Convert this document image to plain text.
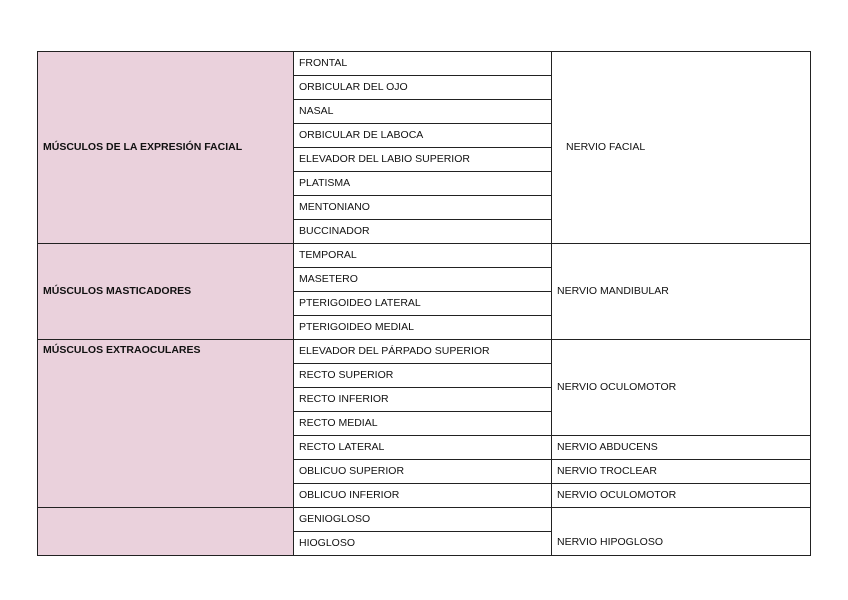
MÚSCULOS DE LA EXPRESIÓN FACIAL	FRONTAL	NERVIO FACIAL
	ORBICULAR DEL OJO	
	NASAL	
	ORBICULAR DE LABOCA	
	ELEVADOR DEL LABIO SUPERIOR	
	PLATISMA	
	MENTONIANO	
	BUCCINADOR	
MÚSCULOS MASTICADORES	TEMPORAL	NERVIO MANDIBULAR
	MASETERO	
	PTERIGOIDEO LATERAL	
	PTERIGOIDEO MEDIAL	
MÚSCULOS EXTRAOCULARES	ELEVADOR DEL PÁRPADO SUPERIOR	NERVIO OCULOMOTOR
	RECTO SUPERIOR	
	RECTO INFERIOR	
	RECTO MEDIAL	
	RECTO LATERAL	NERVIO ABDUCENS
	OBLICUO SUPERIOR	NERVIO TROCLEAR
	OBLICUO INFERIOR	NERVIO OCULOMOTOR
	GENIOGLOSO	NERVIO HIPOGLOSO
	HIOGLOSO	
